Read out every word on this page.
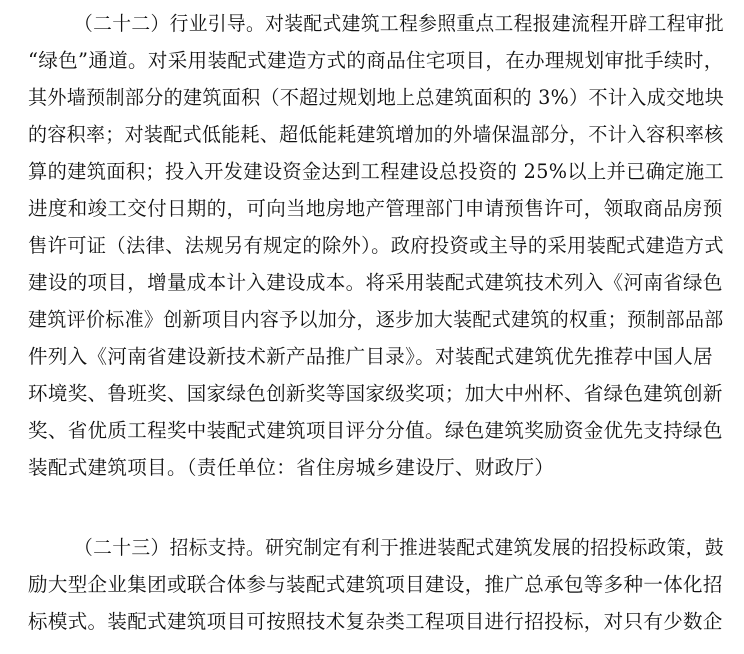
（二十二）行业引导。对装配式建筑工程参照重点工程报建流程开辟工程审批
“绿色”通道。对采用装配式建造方式的商品住宅项目，在办理规划审批手续时，
其外墙预制部分的建筑面积（不超过规划地上总建筑面积的 3%）不计入成交地块
的容积率；对装配式低能耗、超低能耗建筑增加的外墙保温部分，不计入容积率核
算的建筑面积；投入开发建设资金达到工程建设总投资的 25%以上并已确定施工
进度和竣工交付日期的，可向当地房地产管理部门申请预售许可，领取商品房预
售许可证（法律、法规另有规定的除外）。政府投资或主导的采用装配式建造方式
建设的项目，增量成本计入建设成本。将采用装配式建筑技术列入《河南省绿色
建筑评价标准》创新项目内容予以加分，逐步加大装配式建筑的权重；预制部品部
件列入《河南省建设新技术新产品推广目录》。对装配式建筑优先推荐中国人居
环境奖、鲁班奖、国家绿色创新奖等国家级奖项；加大中州杯、省绿色建筑创新
奖、省优质工程奖中装配式建筑项目评分分值。绿色建筑奖励资金优先支持绿色
装配式建筑项目。（责任单位：省住房城乡建设厅、财政厅）
（二十三）招标支持。研究制定有利于推进装配式建筑发展的招投标政策，鼓
励大型企业集团或联合体参与装配式建筑项目建设，推广总承包等多种一体化招
标模式。装配式建筑项目可按照技术复杂类工程项目进行招投标，对只有少数企
